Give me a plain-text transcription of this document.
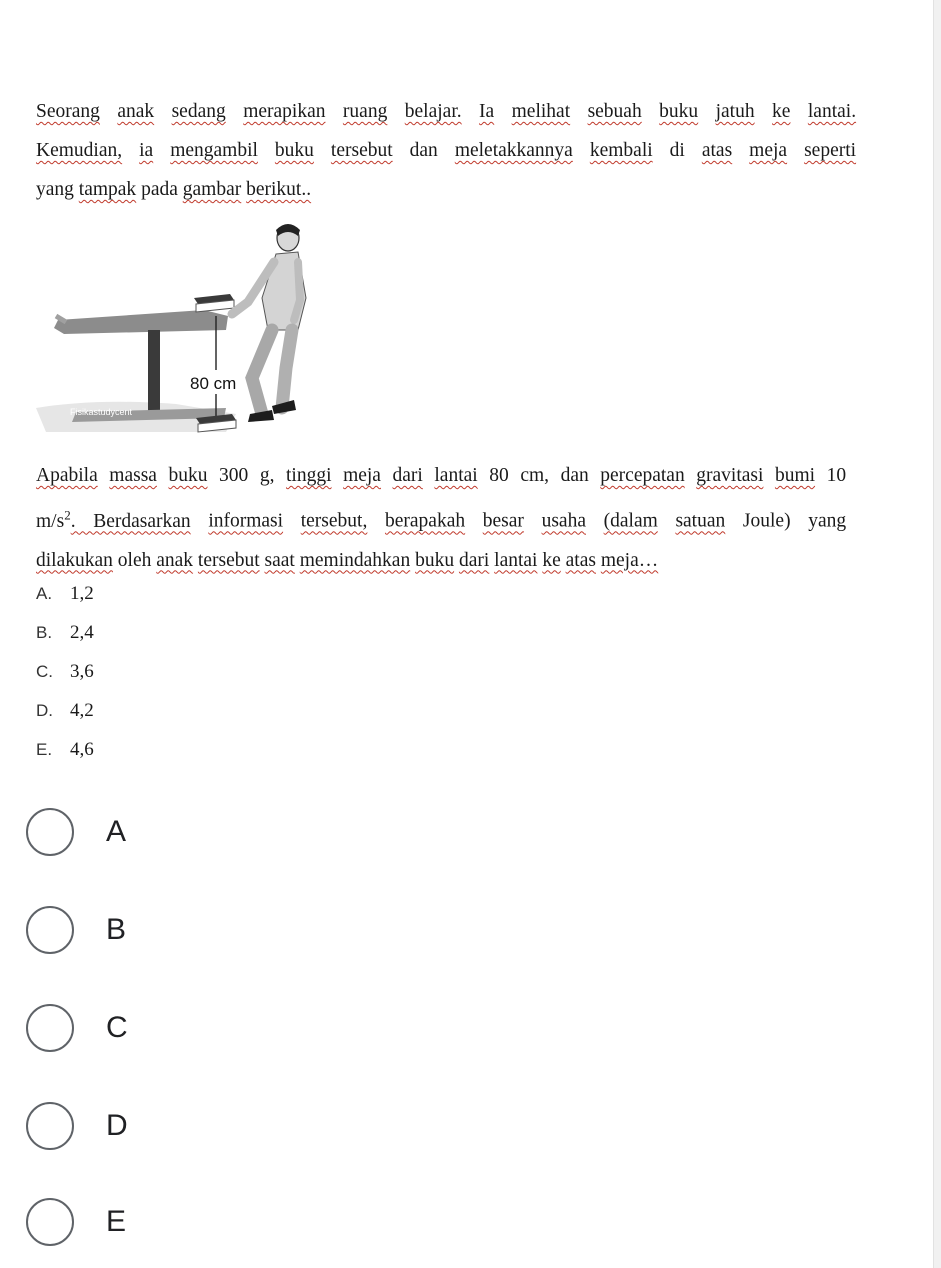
Seorang anak sedang merapikan ruang belajar. Ia melihat sebuah buku jatuh ke lantai.

Kemudian, ia mengambil buku tersebut dan meletakkannya kembali di atas meja seperti

yang tampak pada gambar berikut..

Fisikastudycent
80 cm

Apabila massa buku 300 g, tinggi meja dari lantai 80 cm, dan percepatan gravitasi bumi 10

$m/s^2$. Berdasarkan informasi tersebut, berapakah besar usaha (dalam satuan Joule) yang

dilakukan oleh anak tersebut saat memindahkan buku dari lantai ke atas meja…

A. 1,2
B. 2,4
C. 3,6
D. 4,2
E. 4,6
A
B
C
D
E
